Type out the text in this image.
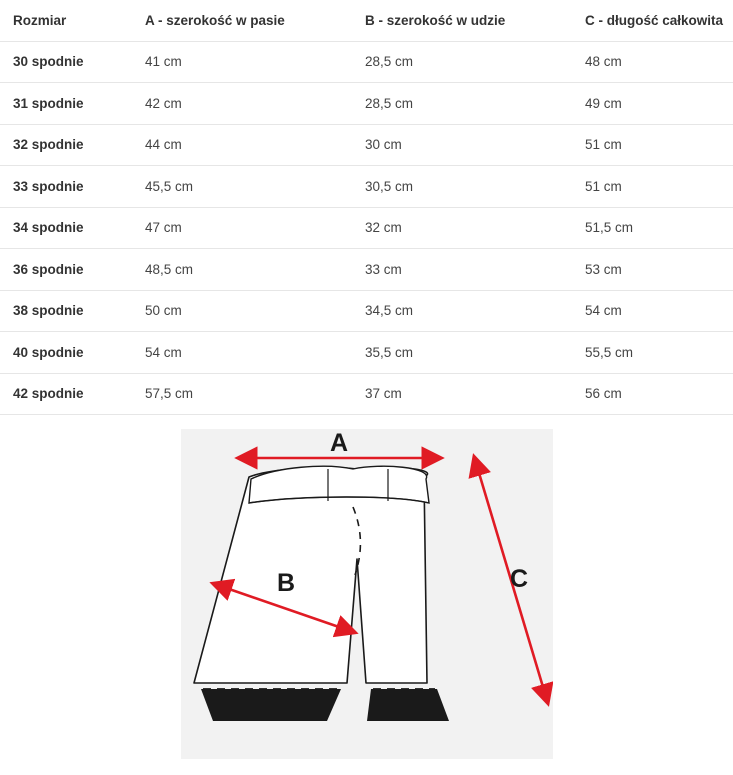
Rozmiar	A - szerokość w pasie	B - szerokość w udzie	C - długość całkowita
30 spodnie	41 cm	28,5 cm	48 cm
31 spodnie	42 cm	28,5 cm	49 cm
32 spodnie	44 cm	30 cm	51 cm
33 spodnie	45,5 cm	30,5 cm	51 cm
34 spodnie	47 cm	32 cm	51,5 cm
36 spodnie	48,5 cm	33 cm	53 cm
38 spodnie	50 cm	34,5 cm	54 cm
40 spodnie	54 cm	35,5 cm	55,5 cm
42 spodnie	57,5 cm	37 cm	56 cm
A
B	C
